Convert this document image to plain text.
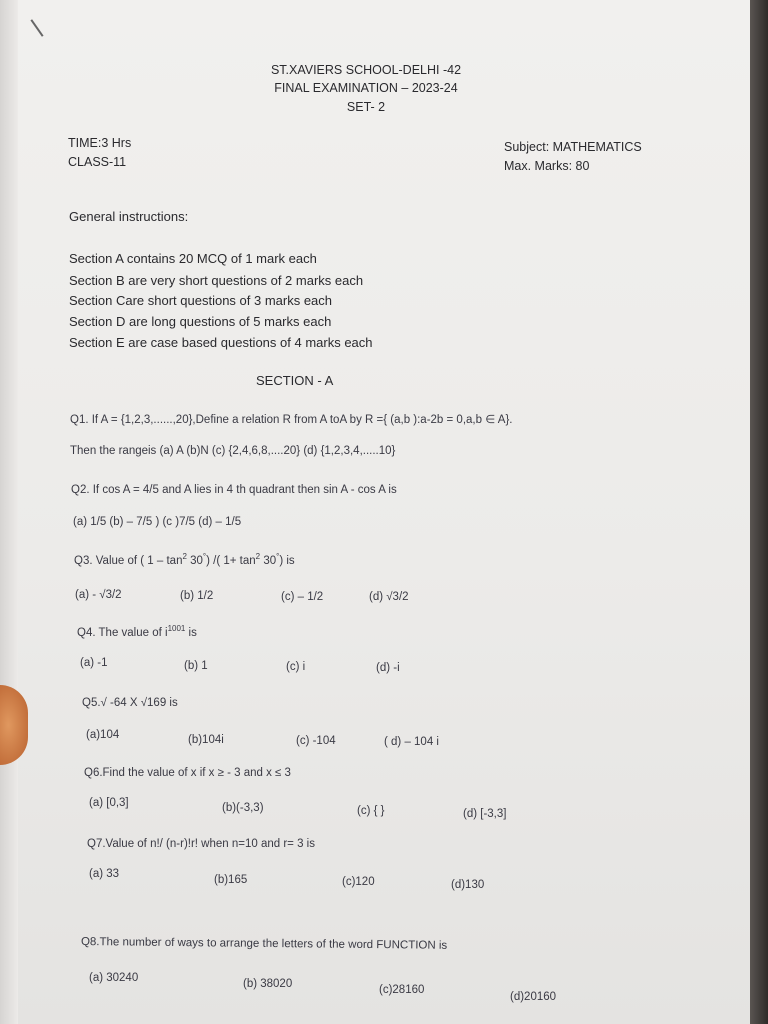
ST.XAVIERS SCHOOL-DELHI -42
FINAL EXAMINATION – 2023-24
SET- 2
TIME:3 Hrs
CLASS-11
Subject: MATHEMATICS
Max. Marks: 80
General instructions:
Section A contains 20 MCQ of 1 mark each
Section B are very short questions of 2 marks each
Section Care short questions of 3 marks each
Section D are long questions of 5 marks each
Section E are case based questions of 4 marks each
SECTION - A
Q1. If A = {1,2,3,......,20},Define a relation R from A toA by R ={ (a,b ):a-2b = 0,a,b ∈ A}.
Then the rangeis (a) A (b)N (c) {2,4,6,8,....20} (d) {1,2,3,4,.....10}
Q2. If cos A = 4/5 and A lies in 4 th quadrant then sin A - cos A is
(a) 1/5 (b) – 7/5 ) (c )7/5 (d) – 1/5
Q3. Value of ( $1 - \tan^2 30^\circ$) /( $1+ \tan^2 30^\circ$) is
(a) - √3/2	(b) 1/2	(c) – 1/2	(d) √3/2
Q4. The value of $i^{1001}$ is
(a) -1	(b) 1	(c) i	(d) -i
Q5.√ -64 X √169 is
(a)104	(b)104i	(c) -104	( d) – 104 i
Q6.Find the value of x if x ≥ - 3 and x ≤ 3
(a) [0,3]	(b)(-3,3)	(c) { }	(d) [-3,3]
Q7.Value of n!/ (n-r)!r! when n=10 and r= 3 is
(a) 33	(b)165	(c)120	(d)130
Q8.The number of ways to arrange the letters of the word FUNCTION is
(a) 30240	(b) 38020	(c)28160
(d)20160
